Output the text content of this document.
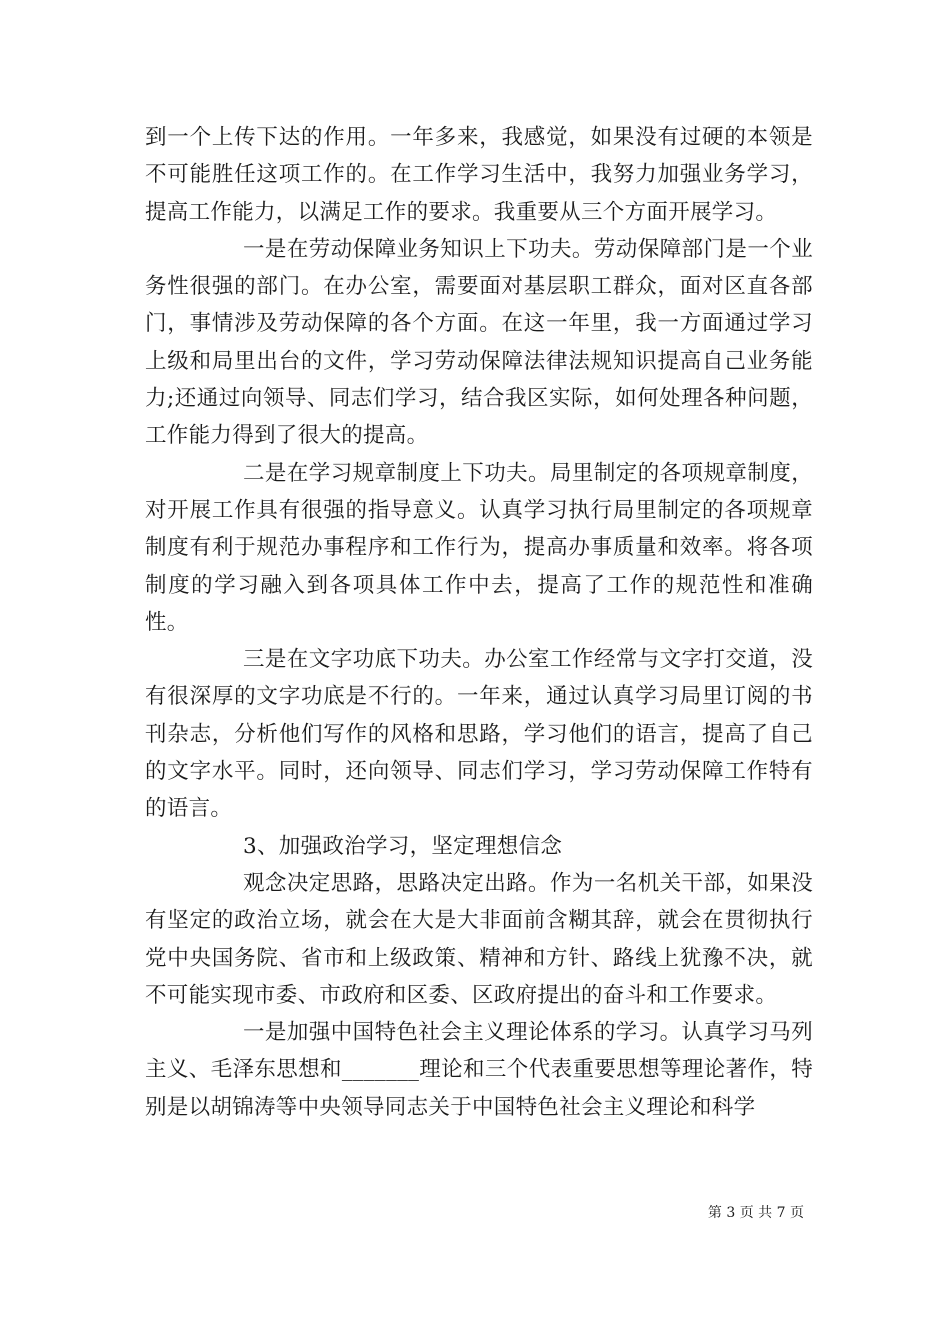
到一个上传下达的作用。一年多来，我感觉，如果没有过硬的本领是不可能胜任这项工作的。在工作学习生活中，我努力加强业务学习，提高工作能力，以满足工作的要求。我重要从三个方面开展学习。

一是在劳动保障业务知识上下功夫。劳动保障部门是一个业务性很强的部门。在办公室，需要面对基层职工群众，面对区直各部门，事情涉及劳动保障的各个方面。在这一年里，我一方面通过学习上级和局里出台的文件，学习劳动保障法律法规知识提高自己业务能力;还通过向领导、同志们学习，结合我区实际，如何处理各种问题，工作能力得到了很大的提高。

二是在学习规章制度上下功夫。局里制定的各项规章制度，对开展工作具有很强的指导意义。认真学习执行局里制定的各项规章制度有利于规范办事程序和工作行为，提高办事质量和效率。将各项制度的学习融入到各项具体工作中去，提高了工作的规范性和准确性。

三是在文字功底下功夫。办公室工作经常与文字打交道，没有很深厚的文字功底是不行的。一年来，通过认真学习局里订阅的书刊杂志，分析他们写作的风格和思路，学习他们的语言，提高了自己的文字水平。同时，还向领导、同志们学习，学习劳动保障工作特有的语言。

3、加强政治学习，坚定理想信念

观念决定思路，思路决定出路。作为一名机关干部，如果没有坚定的政治立场，就会在大是大非面前含糊其辞，就会在贯彻执行党中央国务院、省市和上级政策、精神和方针、路线上犹豫不决，就不可能实现市委、市政府和区委、区政府提出的奋斗和工作要求。

一是加强中国特色社会主义理论体系的学习。认真学习马列主义、毛泽东思想和_______理论和三个代表重要思想等理论著作，特别是以胡锦涛等中央领导同志关于中国特色社会主义理论和科学

第 3 页 共 7 页
